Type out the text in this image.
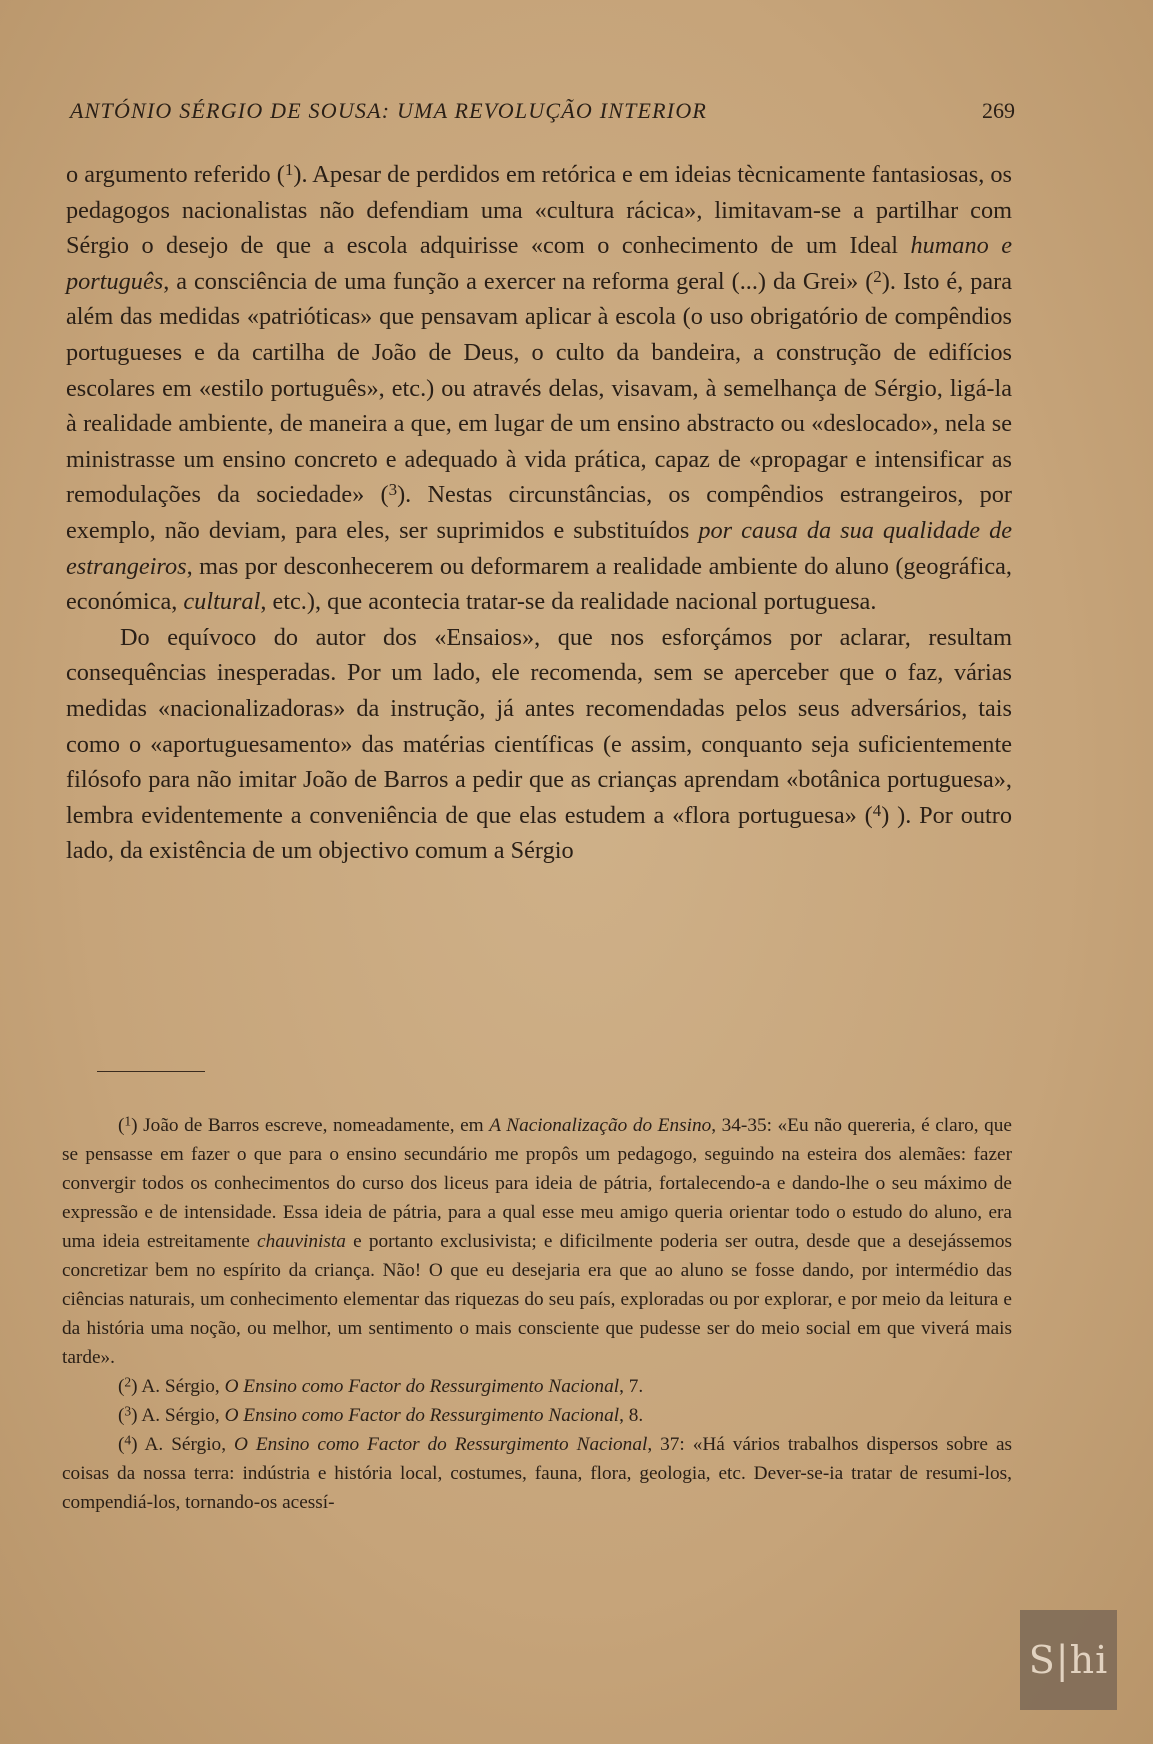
ANTÓNIO SÉRGIO DE SOUSA: UMA REVOLUÇÃO INTERIOR	269

o argumento referido ($^1$). Apesar de perdidos em retórica e em ideias tècnicamente fantasiosas, os pedagogos nacionalistas não defendiam uma «cultura rácica», limitavam-se a partilhar com Sérgio o desejo de que a escola adquirisse «com o conhecimento de um Ideal humano e português, a consciência de uma função a exercer na reforma geral (...) da Grei» ($^2$). Isto é, para além das medidas «patrióticas» que pensavam aplicar à escola (o uso obrigatório de compêndios portugueses e da cartilha de João de Deus, o culto da bandeira, a construção de edifícios escolares em «estilo português», etc.) ou através delas, visavam, à semelhança de Sérgio, ligá-la à realidade ambiente, de maneira a que, em lugar de um ensino abstracto ou «deslocado», nela se ministrasse um ensino concreto e adequado à vida prática, capaz de «propagar e intensificar as remodulações da sociedade» ($^3$). Nestas circunstâncias, os compêndios estrangeiros, por exemplo, não deviam, para eles, ser suprimidos e substituídos por causa da sua qualidade de estrangeiros, mas por desconhecerem ou deformarem a realidade ambiente do aluno (geográfica, económica, cultural, etc.), que acontecia tratar-se da realidade nacional portuguesa.

Do equívoco do autor dos «Ensaios», que nos esforçámos por aclarar, resultam consequências inesperadas. Por um lado, ele recomenda, sem se aperceber que o faz, várias medidas «nacionalizadoras» da instrução, já antes recomendadas pelos seus adversários, tais como o «aportuguesamento» das matérias científicas (e assim, conquanto seja suficientemente filósofo para não imitar João de Barros a pedir que as crianças aprendam «botânica portuguesa», lembra evidentemente a conveniência de que elas estudem a «flora portuguesa» ($^4$) ). Por outro lado, da existência de um objectivo comum a Sérgio

($^1$) João de Barros escreve, nomeadamente, em A Nacionalização do Ensino, 34-35: «Eu não quereria, é claro, que se pensasse em fazer o que para o ensino secundário me propôs um pedagogo, seguindo na esteira dos alemães: fazer convergir todos os conhecimentos do curso dos liceus para ideia de pátria, fortalecendo-a e dando-lhe o seu máximo de expressão e de intensidade. Essa ideia de pátria, para a qual esse meu amigo queria orientar todo o estudo do aluno, era uma ideia estreitamente chauvinista e portanto exclusivista; e dificilmente poderia ser outra, desde que a desejássemos concretizar bem no espírito da criança. Não! O que eu desejaria era que ao aluno se fosse dando, por intermédio das ciências naturais, um conhecimento elementar das riquezas do seu país, exploradas ou por explorar, e por meio da leitura e da história uma noção, ou melhor, um sentimento o mais consciente que pudesse ser do meio social em que viverá mais tarde».

($^2$) A. Sérgio, O Ensino como Factor do Ressurgimento Nacional, 7.

($^3$) A. Sérgio, O Ensino como Factor do Ressurgimento Nacional, 8.

($^4$) A. Sérgio, O Ensino como Factor do Ressurgimento Nacional, 37: «Há vários trabalhos dispersos sobre as coisas da nossa terra: indústria e história local, costumes, fauna, flora, geologia, etc. Dever-se-ia tratar de resumi-los, compendiá-los, tornando-os acessí-

S|hi
